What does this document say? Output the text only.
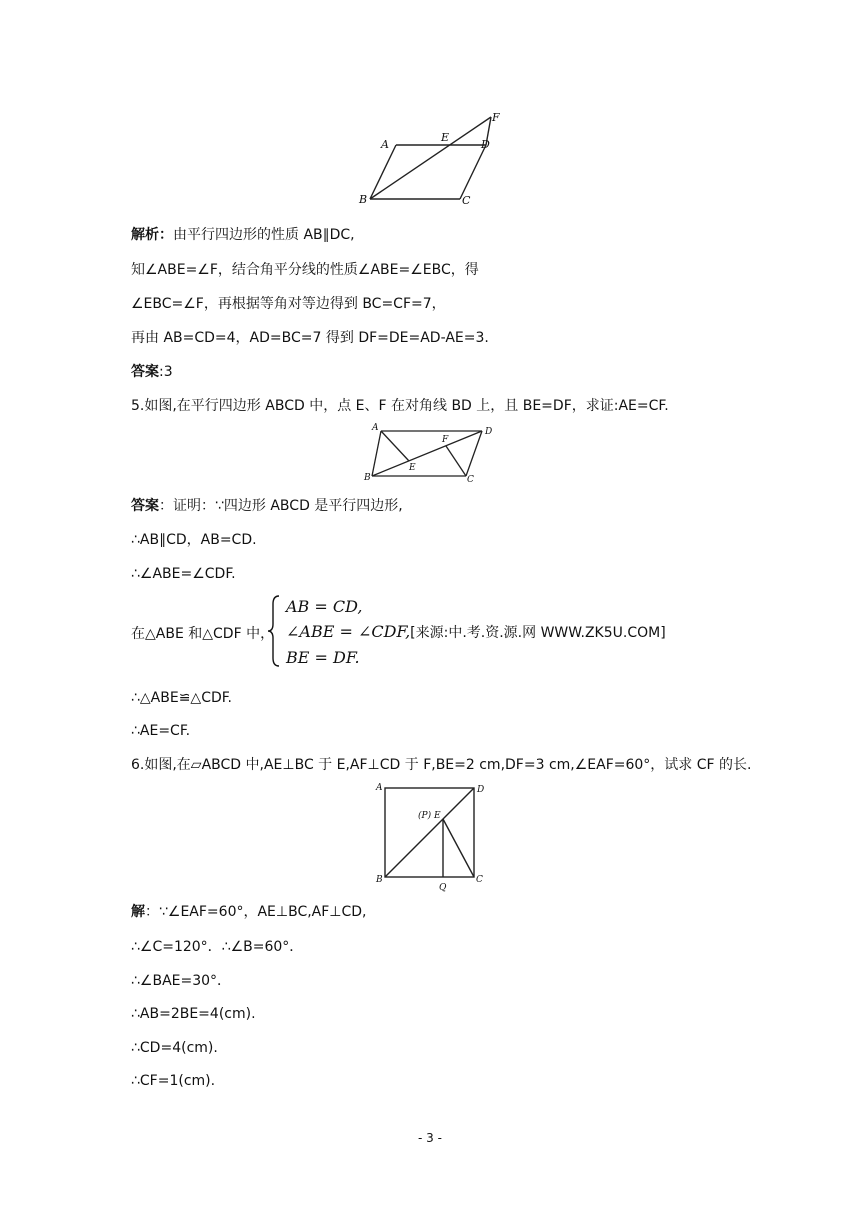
A
E
F
D
B	C
解析：由平行四边形的性质 AB∥DC,
知∠ABE=∠F，结合角平分线的性质∠ABE=∠EBC，得
∠EBC=∠F，再根据等角对等边得到 BC=CF=7，
再由 AB=CD=4，AD=BC=7 得到 DF=DE=AD-AE=3.
答案:3
5.如图,在平行四边形 ABCD 中，点 E、F 在对角线 BD 上，且 BE=DF，求证:AE=CF.
A
F
D
B
E
C
答案：证明：∵四边形 ABCD 是平行四边形,
∴AB∥CD，AB=CD.
∴∠ABE=∠CDF.
在△ABE 和△CDF 中，
AB = CD,
∠ABE = ∠CDF,[来源:中.考.资.源.网 WWW.ZK5U.COM]
BE = DF.
∴△ABE≌△CDF.
∴AE=CF.
6.如图,在▱ABCD 中,AE⊥BC 于 E,AF⊥CD 于 F,BE=2 cm,DF=3 cm,∠EAF=60°，试求 CF 的长.
A	D
(P) E
B
Q
C
解：∵∠EAF=60°，AE⊥BC,AF⊥CD,
∴∠C=120°．∴∠B=60°．
∴∠BAE=30°．
∴AB=2BE=4(cm).
∴CD=4(cm).
∴CF=1(cm).
- 3 -
